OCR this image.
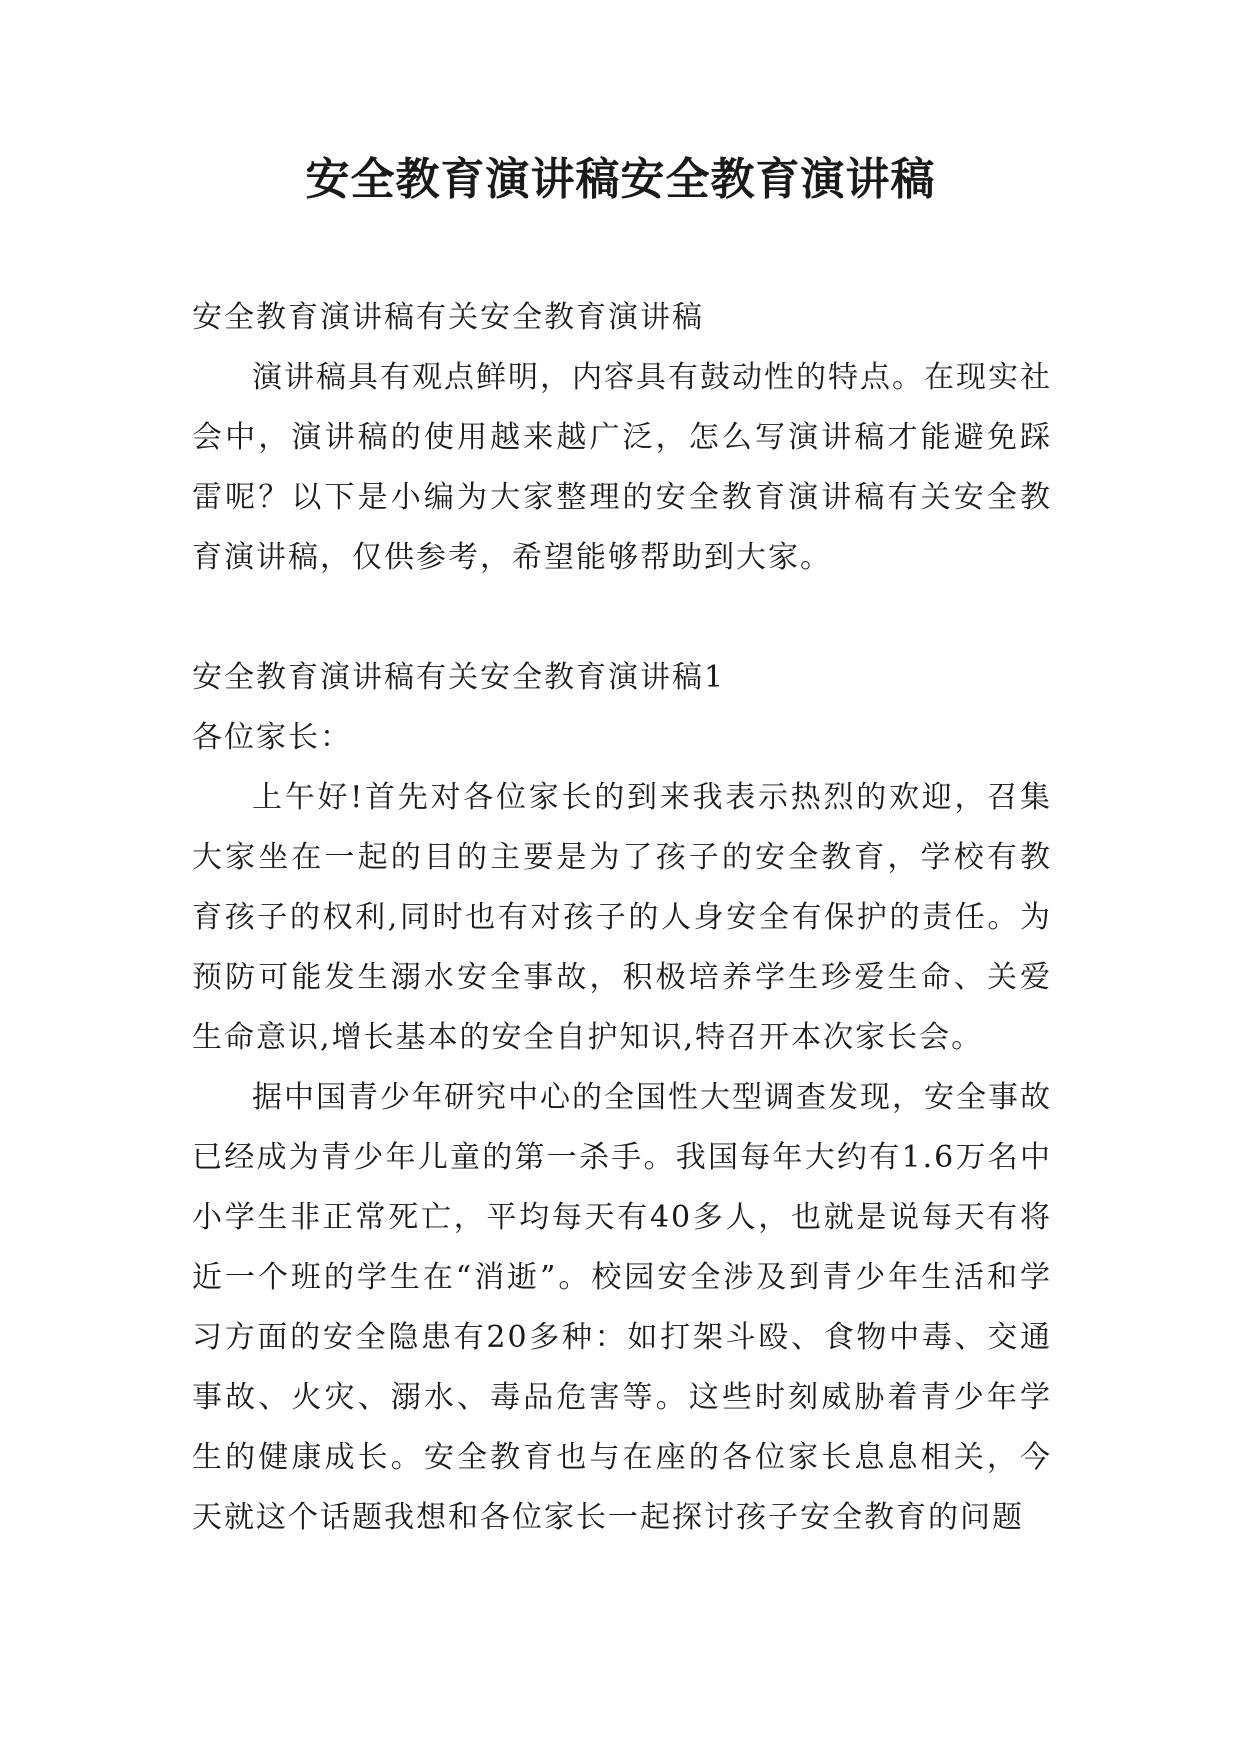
安全教育演讲稿安全教育演讲稿

安全教育演讲稿有关安全教育演讲稿

演讲稿具有观点鲜明，内容具有鼓动性的特点。在现实社会中，演讲稿的使用越来越广泛，怎么写演讲稿才能避免踩雷呢？以下是小编为大家整理的安全教育演讲稿有关安全教育演讲稿，仅供参考，希望能够帮助到大家。

安全教育演讲稿有关安全教育演讲稿1

各位家长：

上午好!首先对各位家长的到来我表示热烈的欢迎，召集大家坐在一起的目的主要是为了孩子的安全教育，学校有教育孩子的权利,同时也有对孩子的人身安全有保护的责任。为预防可能发生溺水安全事故，积极培养学生珍爱生命、关爱生命意识,增长基本的安全自护知识,特召开本次家长会。

据中国青少年研究中心的全国性大型调查发现，安全事故已经成为青少年儿童的第一杀手。我国每年大约有1.6万名中小学生非正常死亡，平均每天有40多人，也就是说每天有将近一个班的学生在“消逝”。校园安全涉及到青少年生活和学习方面的安全隐患有20多种：如打架斗殴、食物中毒、交通事故、火灾、溺水、毒品危害等。这些时刻威胁着青少年学生的健康成长。安全教育也与在座的各位家长息息相关，今天就这个话题我想和各位家长一起探讨孩子安全教育的问题
